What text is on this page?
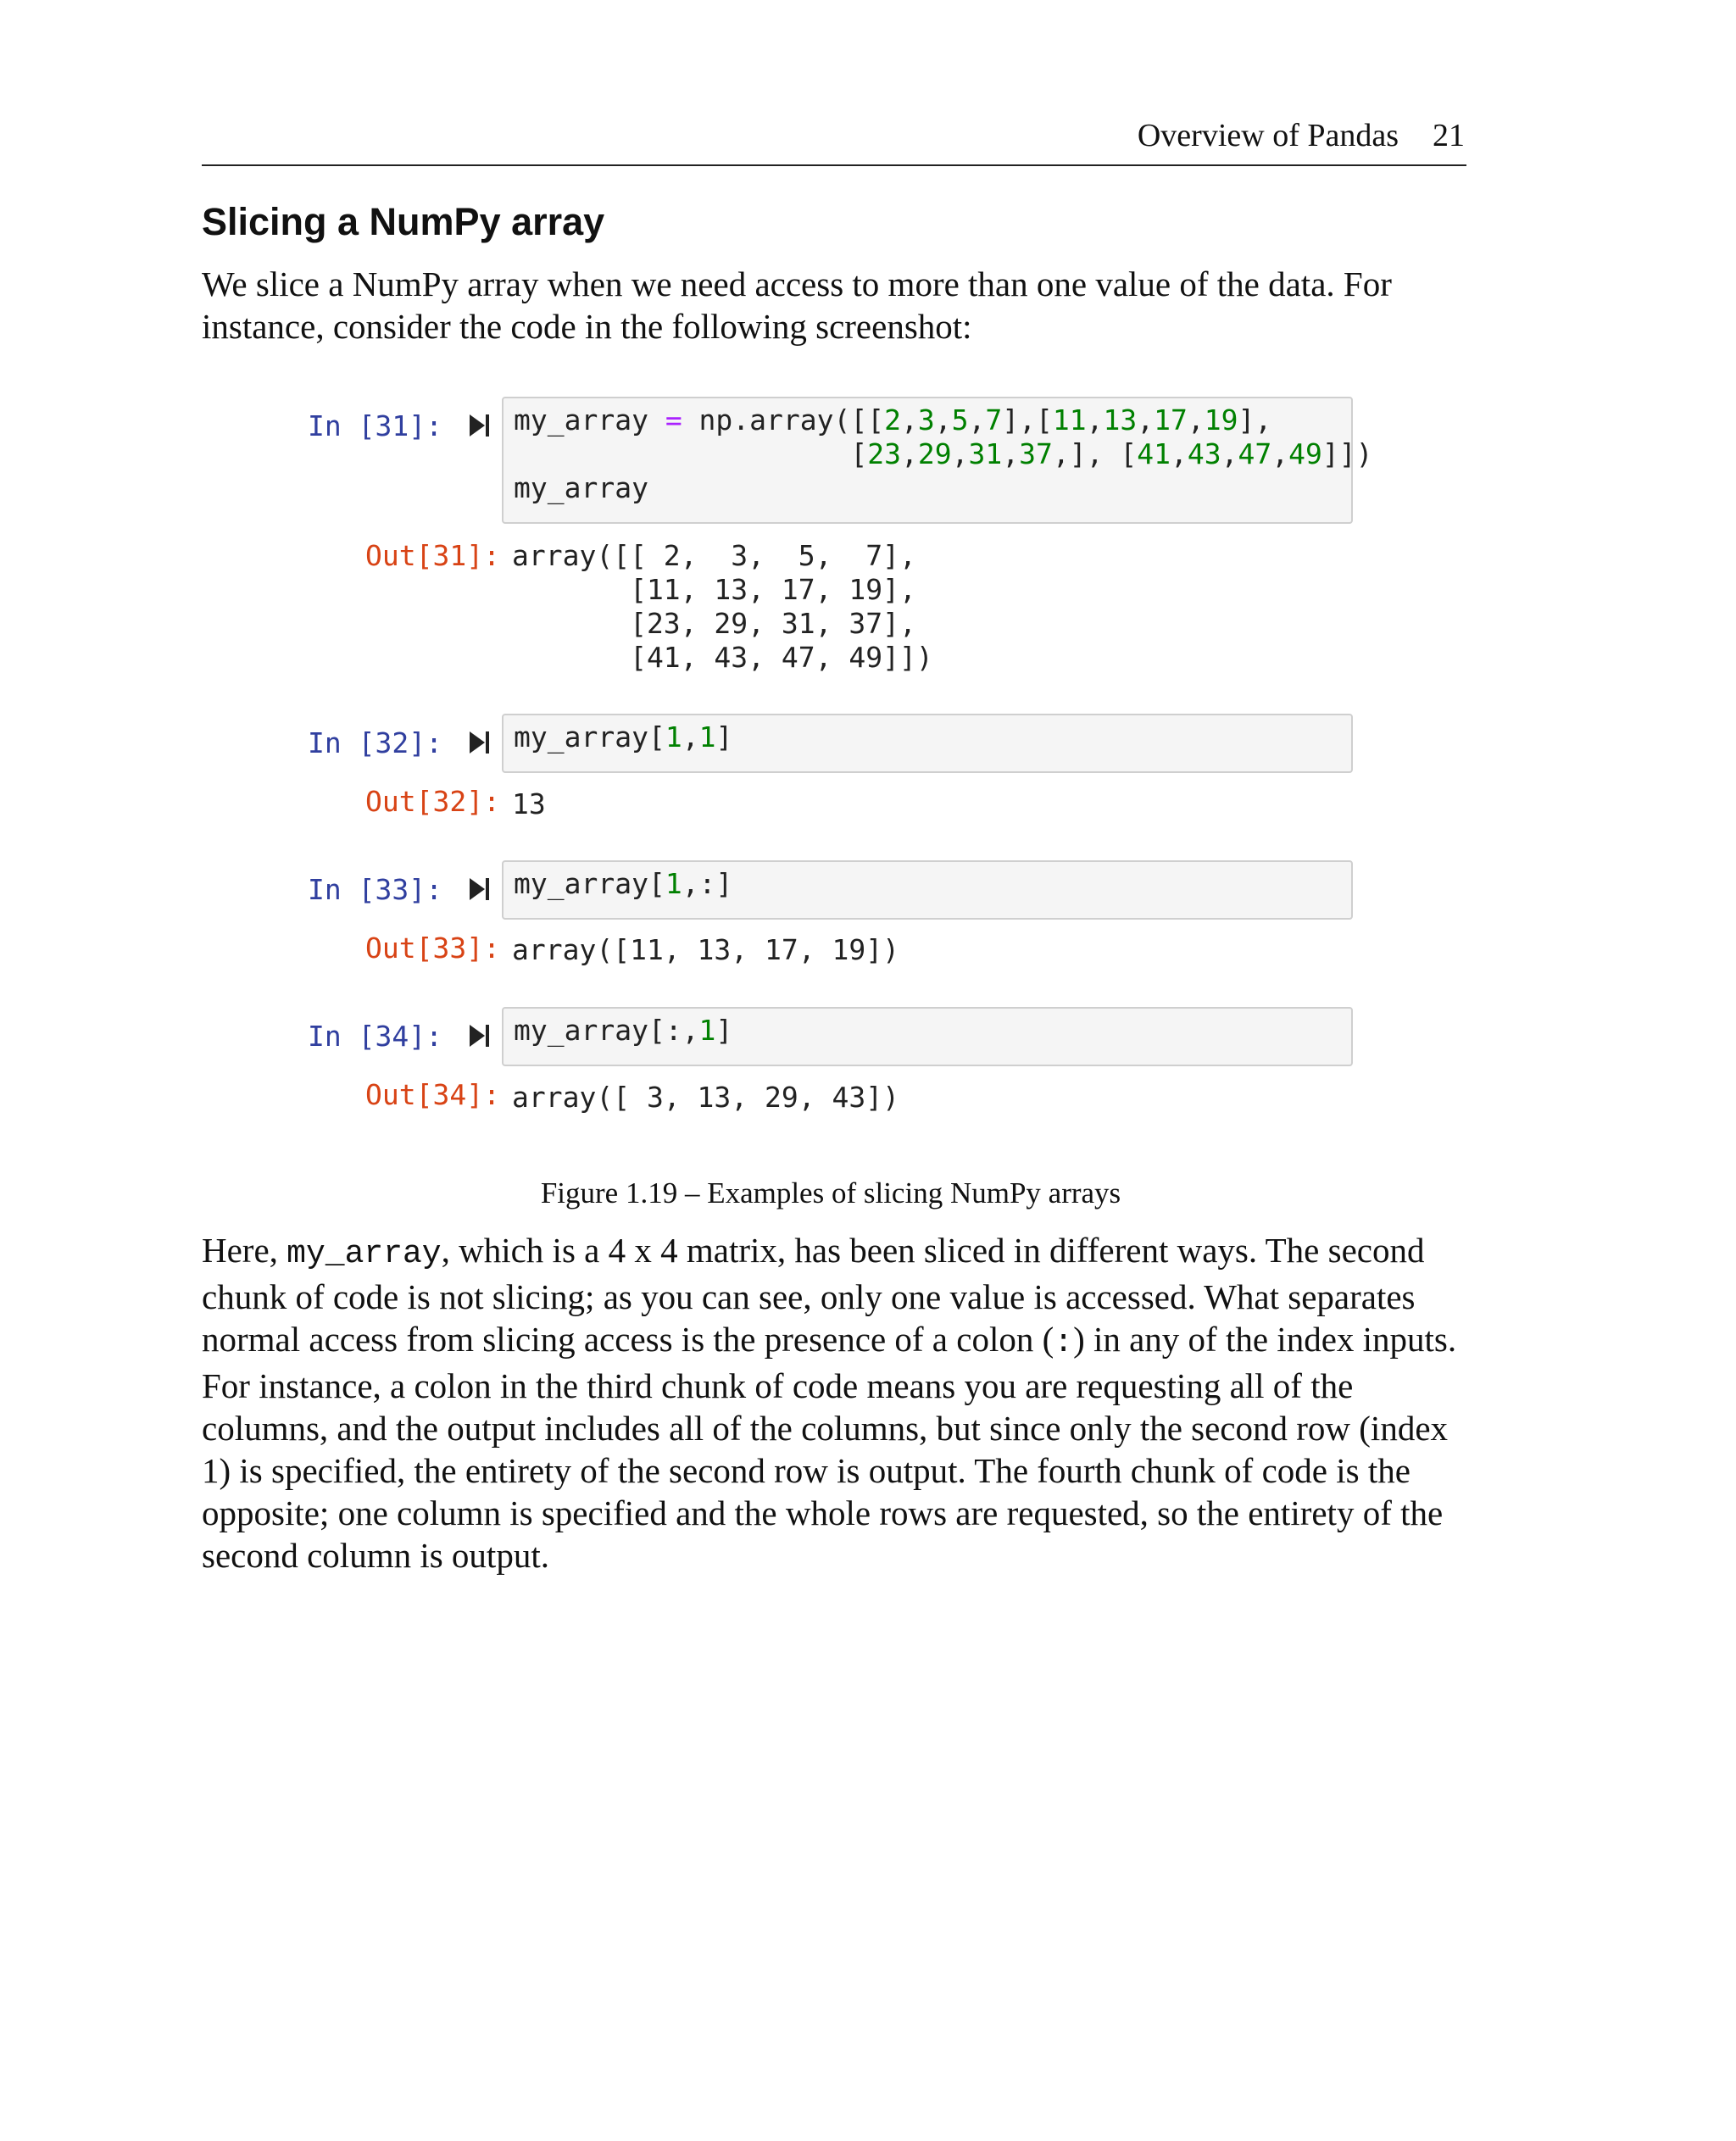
Overview of Pandas 21
Slicing a NumPy array
We slice a NumPy array when we need access to more than one value of the data. For instance, consider the code in the following screenshot:
In [31]:	my_array = np.array([[2,3,5,7],[11,13,17,19],
[23,29,31,37,], [41,43,47,49]])
my_array
Out[31]: array([[ 2,  3,  5,  7],
[11, 13, 17, 19],
[23, 29, 31, 37],
[41, 43, 47, 49]])
In [32]:	my_array[1,1]
Out[32]: 13
In [33]:	my_array[1,:]
Out[33]: array([11, 13, 17, 19])
In [34]:	my_array[:,1]
Out[34]: array([ 3, 13, 29, 43])
Figure 1.19 – Examples of slicing NumPy arrays
Here, my_array, which is a 4 x 4 matrix, has been sliced in different ways. The second chunk of code is not slicing; as you can see, only one value is accessed. What separates normal access from slicing access is the presence of a colon (:) in any of the index inputs. For instance, a colon in the third chunk of code means you are requesting all of the columns, and the output includes all of the columns, but since only the second row (index 1) is specified, the entirety of the second row is output. The fourth chunk of code is the opposite; one column is specified and the whole rows are requested, so the entirety of the second column is output.
